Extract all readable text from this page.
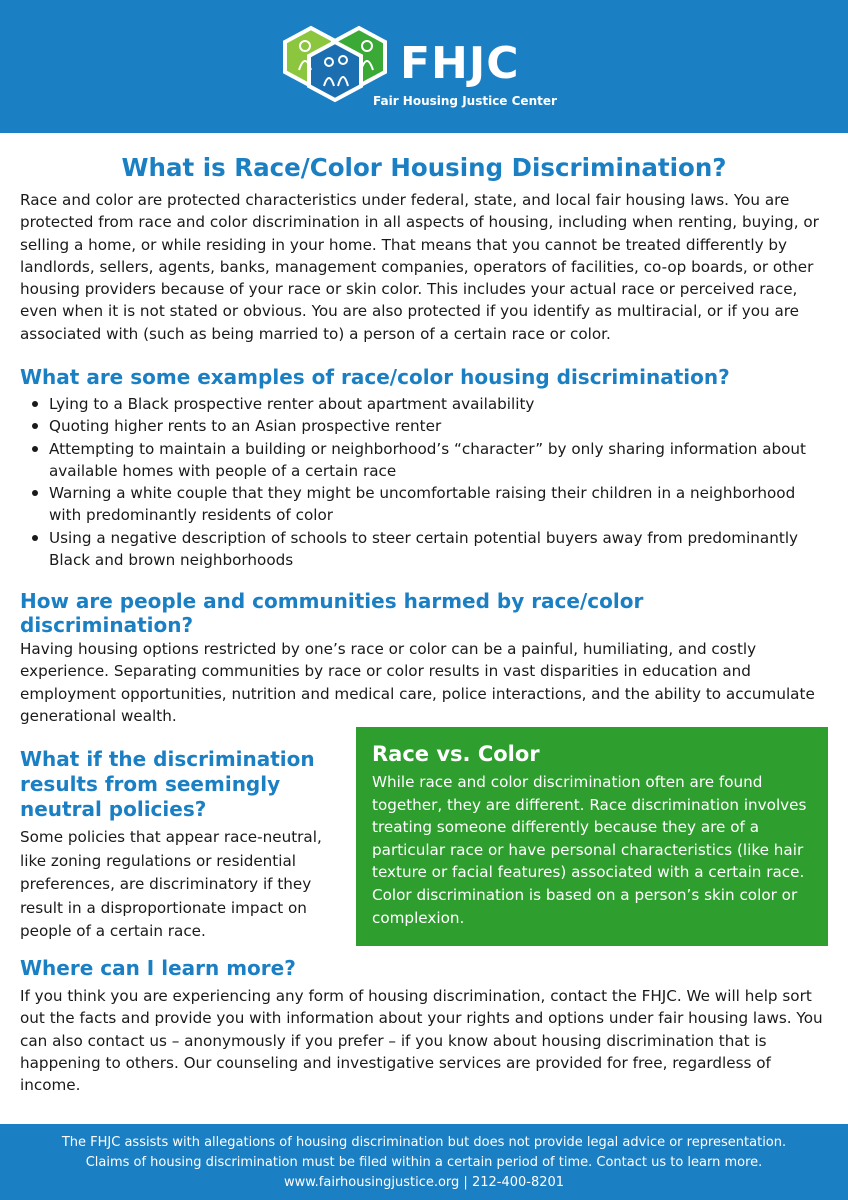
FHJC
Fair Housing Justice Center
What is Race/Color Housing Discrimination?
Race and color are protected characteristics under federal, state, and local fair housing laws. You are protected from race and color discrimination in all aspects of housing, including when renting, buying, or selling a home, or while residing in your home. That means that you cannot be treated differently by landlords, sellers, agents, banks, management companies, operators of facilities, co-op boards, or other housing providers because of your race or skin color. This includes your actual race or perceived race, even when it is not stated or obvious. You are also protected if you identify as multiracial, or if you are associated with (such as being married to) a person of a certain race or color.
What are some examples of race/color housing discrimination?
Lying to a Black prospective renter about apartment availability
Quoting higher rents to an Asian prospective renter
Attempting to maintain a building or neighborhood’s “character” by only sharing information about available homes with people of a certain race
Warning a white couple that they might be uncomfortable raising their children in a neighborhood with predominantly residents of color
Using a negative description of schools to steer certain potential buyers away from predominantly Black and brown neighborhoods
How are people and communities harmed by race/color discrimination?
Having housing options restricted by one’s race or color can be a painful, humiliating, and costly experience. Separating communities by race or color results in vast disparities in education and employment opportunities, nutrition and medical care, police interactions, and the ability to accumulate generational wealth.
What if the discrimination results from seemingly neutral policies?
Some policies that appear race-neutral, like zoning regulations or residential preferences, are discriminatory if they result in a disproportionate impact on people of a certain race.
Race vs. Color
While race and color discrimination often are found together, they are different. Race discrimination involves treating someone differently because they are of a particular race or have personal characteristics (like hair texture or facial features) associated with a certain race. Color discrimination is based on a person’s skin color or complexion.
Where can I learn more?
If you think you are experiencing any form of housing discrimination, contact the FHJC. We will help sort out the facts and provide you with information about your rights and options under fair housing laws. You can also contact us – anonymously if you prefer – if you know about housing discrimination that is happening to others. Our counseling and investigative services are provided for free, regardless of income.
The FHJC assists with allegations of housing discrimination but does not provide legal advice or representation.
Claims of housing discrimination must be filed within a certain period of time. Contact us to learn more.
www.fairhousingjustice.org | 212-400-8201
